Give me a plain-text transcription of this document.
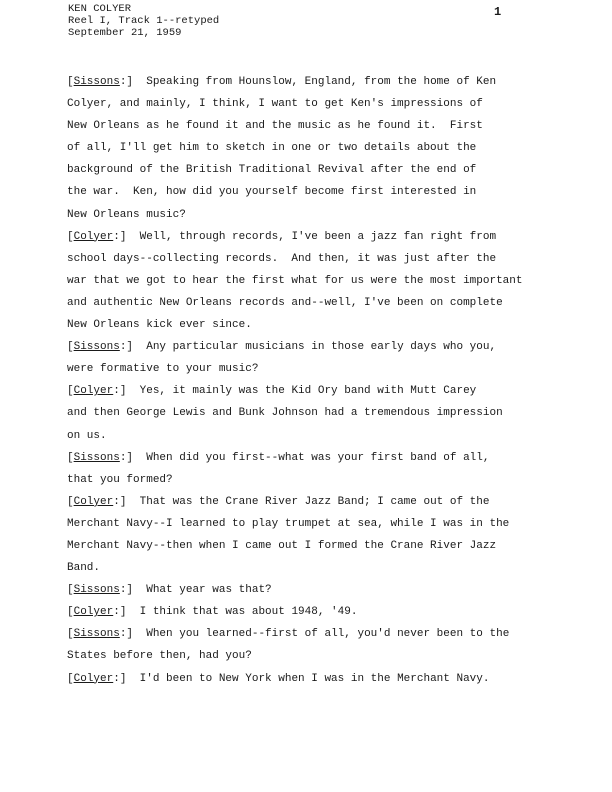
KEN COLYER
Reel I, Track 1--retyped
September 21, 1959
1
[Sissons:]  Speaking from Hounslow, England, from the home of Ken
Colyer, and mainly, I think, I want to get Ken's impressions of
New Orleans as he found it and the music as he found it.  First
of all, I'll get him to sketch in one or two details about the
background of the British Traditional Revival after the end of
the war.  Ken, how did you yourself become first interested in
New Orleans music?
[Colyer:]  Well, through records, I've been a jazz fan right from
school days--collecting records.  And then, it was just after the
war that we got to hear the first what for us were the most important
and authentic New Orleans records and--well, I've been on complete
New Orleans kick ever since.
[Sissons:]  Any particular musicians in those early days who you,
were formative to your music?
[Colyer:]  Yes, it mainly was the Kid Ory band with Mutt Carey
and then George Lewis and Bunk Johnson had a tremendous impression
on us.
[Sissons:]  When did you first--what was your first band of all,
that you formed?
[Colyer:]  That was the Crane River Jazz Band; I came out of the
Merchant Navy--I learned to play trumpet at sea, while I was in the
Merchant Navy--then when I came out I formed the Crane River Jazz
Band.
[Sissons:]  What year was that?
[Colyer:]  I think that was about 1948, '49.
[Sissons:]  When you learned--first of all, you'd never been to the
States before then, had you?
[Colyer:]  I'd been to New York when I was in the Merchant Navy.
